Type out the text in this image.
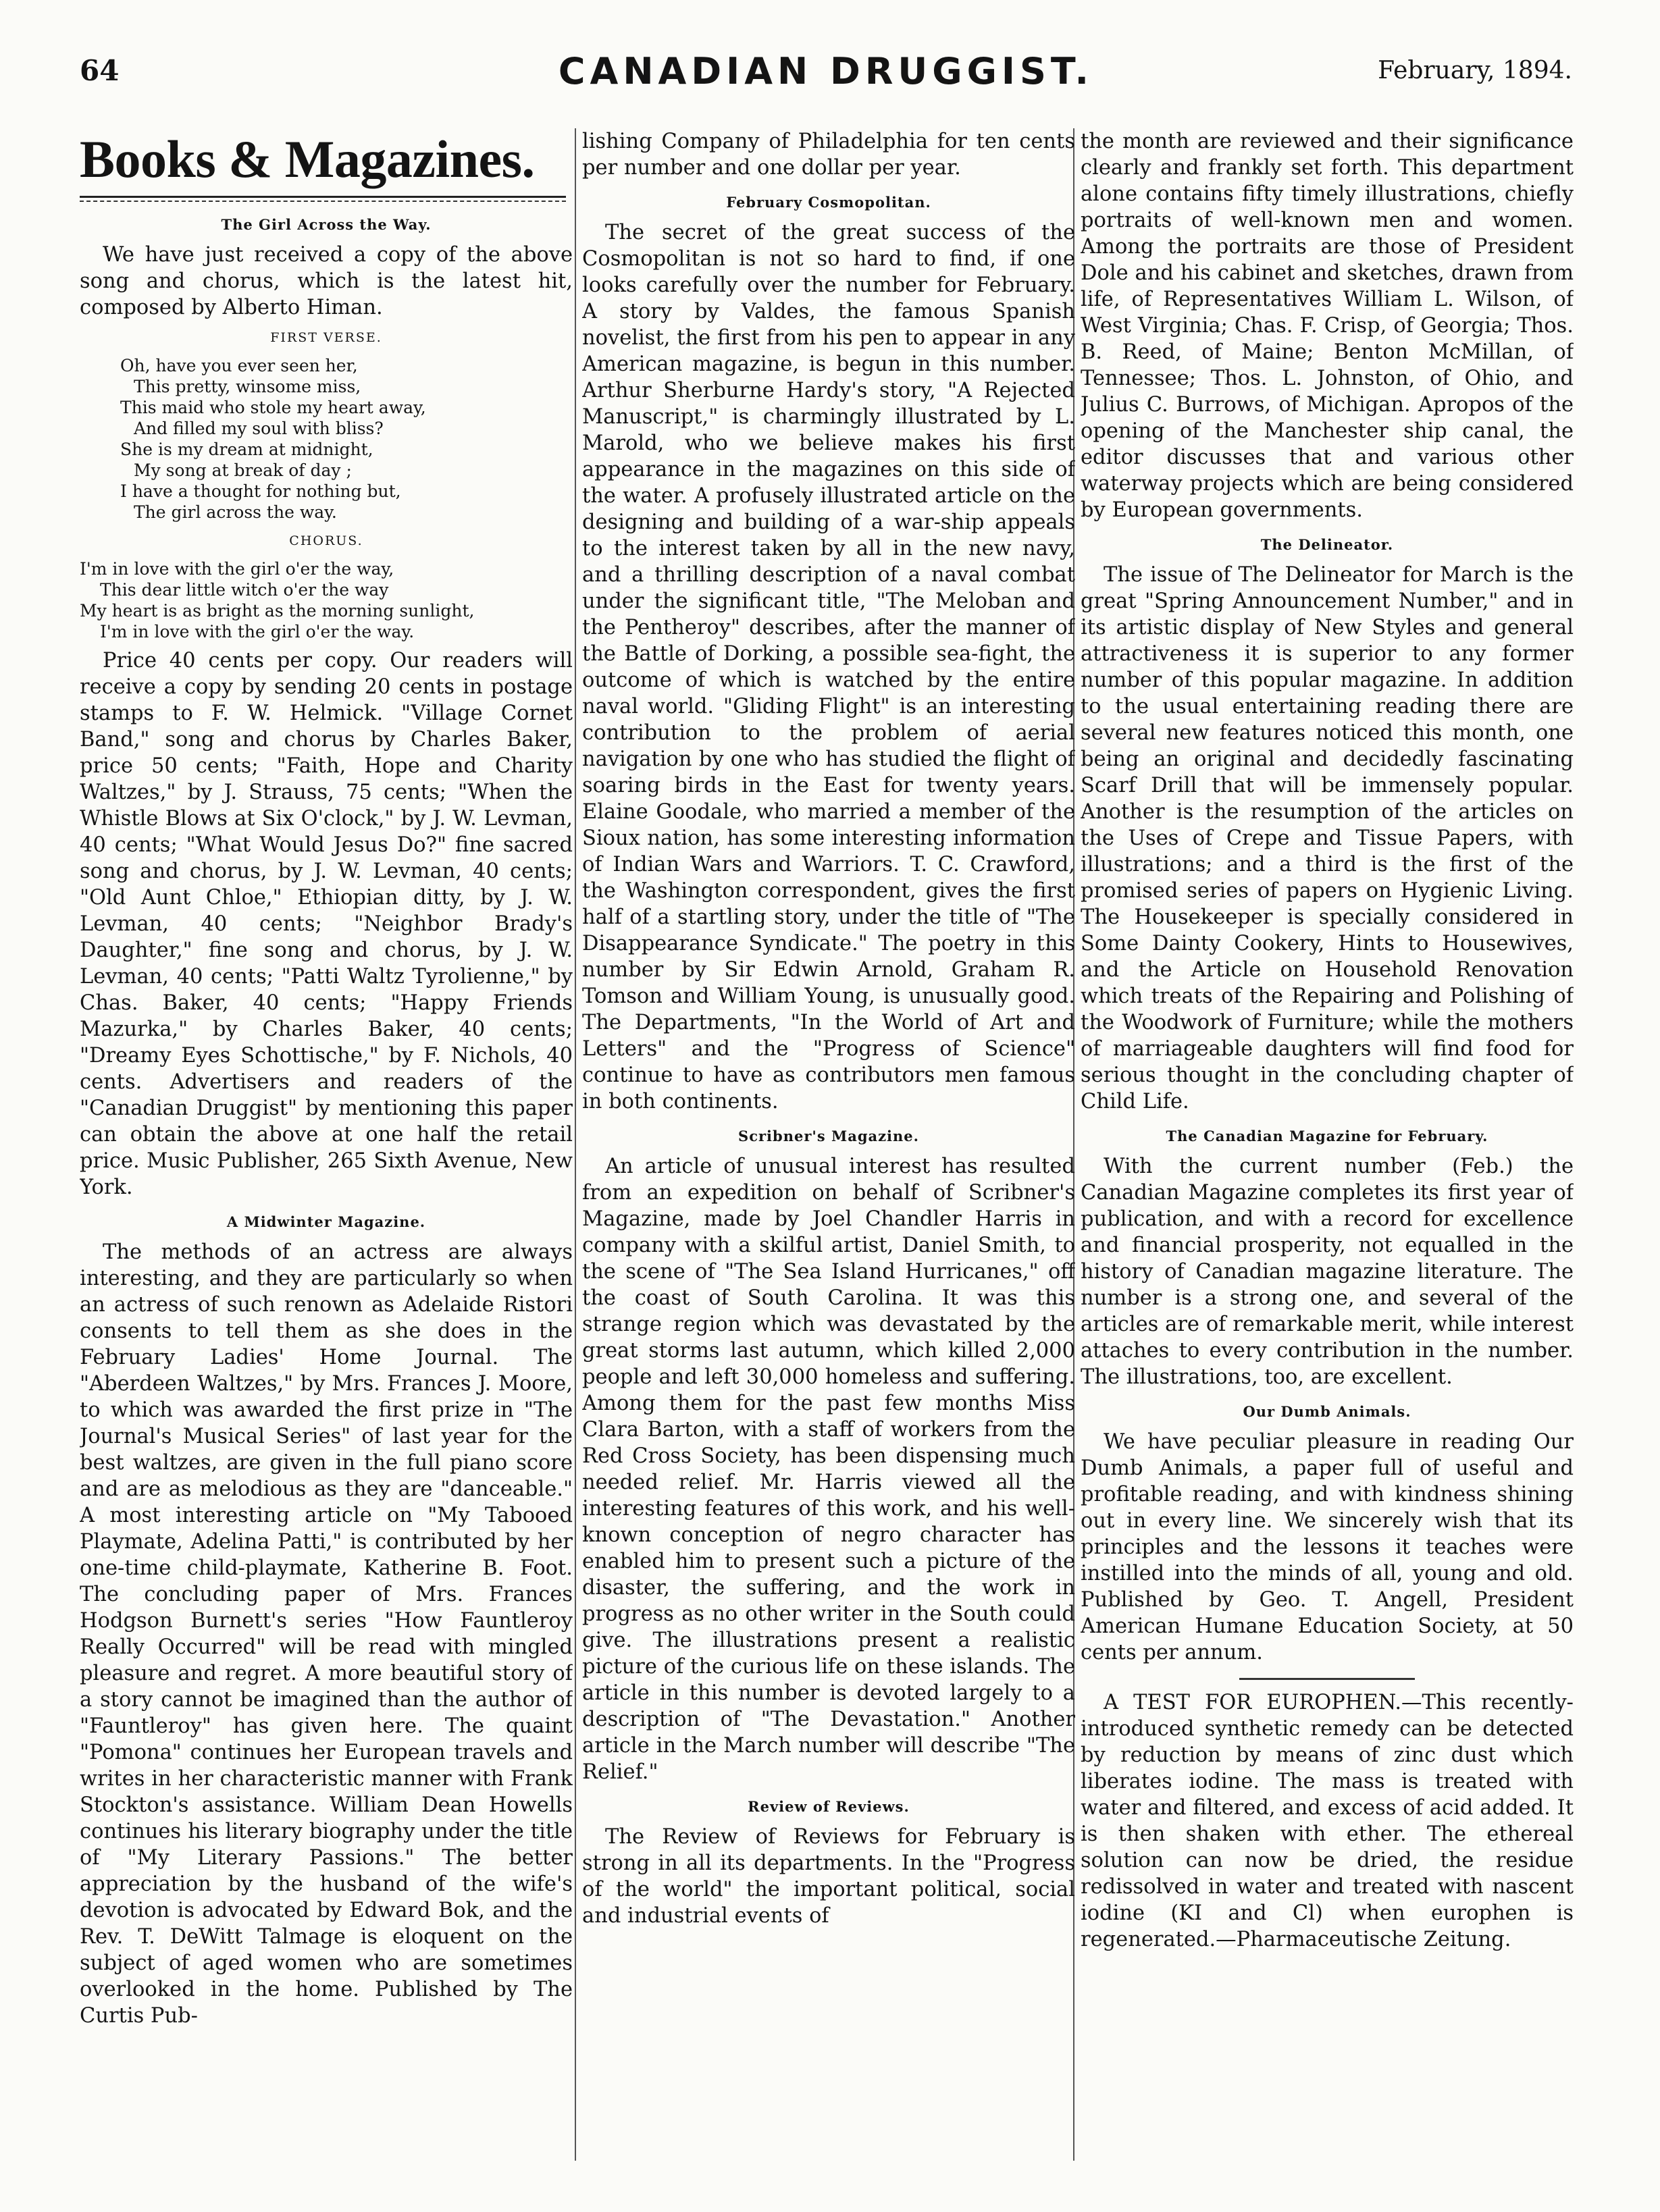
64	CANADIAN DRUGGIST.	February, 1894.
Books & Magazines.
The Girl Across the Way.

We have just received a copy of the above song and chorus, which is the latest hit, composed by Alberto Himan.

FIRST VERSE.
Oh, have you ever seen her,
This pretty, winsome miss,
This maid who stole my heart away,
And filled my soul with bliss?
She is my dream at midnight,
My song at break of day ;
I have a thought for nothing but,
The girl across the way.
CHORUS.
I'm in love with the girl o'er the way,
This dear little witch o'er the way
My heart is as bright as the morning sunlight,
I'm in love with the girl o'er the way.

Price 40 cents per copy. Our readers will receive a copy by sending 20 cents in postage stamps to F. W. Helmick. "Village Cornet Band," song and chorus by Charles Baker, price 50 cents; "Faith, Hope and Charity Waltzes," by J. Strauss, 75 cents; "When the Whistle Blows at Six O'clock," by J. W. Levman, 40 cents; "What Would Jesus Do?" fine sacred song and chorus, by J. W. Levman, 40 cents; "Old Aunt Chloe," Ethiopian ditty, by J. W. Levman, 40 cents; "Neighbor Brady's Daughter," fine song and chorus, by J. W. Levman, 40 cents; "Patti Waltz Tyrolienne," by Chas. Baker, 40 cents; "Happy Friends Mazurka," by Charles Baker, 40 cents; "Dreamy Eyes Schottische," by F. Nichols, 40 cents. Advertisers and readers of the "Canadian Druggist" by mentioning this paper can obtain the above at one half the retail price. Music Publisher, 265 Sixth Avenue, New York.

A Midwinter Magazine.

The methods of an actress are always interesting, and they are particularly so when an actress of such renown as Adelaide Ristori consents to tell them as she does in the February Ladies' Home Journal. The "Aberdeen Waltzes," by Mrs. Frances J. Moore, to which was awarded the first prize in "The Journal's Musical Series" of last year for the best waltzes, are given in the full piano score and are as melodious as they are "danceable." A most interesting article on "My Tabooed Playmate, Adelina Patti," is contributed by her one-time child-playmate, Katherine B. Foot. The concluding paper of Mrs. Frances Hodgson Burnett's series "How Fauntleroy Really Occurred" will be read with mingled pleasure and regret. A more beautiful story of a story cannot be imagined than the author of "Fauntleroy" has given here. The quaint "Pomona" continues her European travels and writes in her characteristic manner with Frank Stockton's assistance. William Dean Howells continues his literary biography under the title of "My Literary Passions." The better appreciation by the husband of the wife's devotion is advocated by Edward Bok, and the Rev. T. DeWitt Talmage is eloquent on the subject of aged women who are sometimes overlooked in the home. Published by The Curtis Pub-

lishing Company of Philadelphia for ten cents per number and one dollar per year.

February Cosmopolitan.

The secret of the great success of the Cosmopolitan is not so hard to find, if one looks carefully over the number for February. A story by Valdes, the famous Spanish novelist, the first from his pen to appear in any American magazine, is begun in this number. Arthur Sherburne Hardy's story, "A Rejected Manuscript," is charmingly illustrated by L. Marold, who we believe makes his first appearance in the magazines on this side of the water. A profusely illustrated article on the designing and building of a war-ship appeals to the interest taken by all in the new navy, and a thrilling description of a naval combat under the significant title, "The Meloban and the Pentheroy" describes, after the manner of the Battle of Dorking, a possible sea-fight, the outcome of which is watched by the entire naval world. "Gliding Flight" is an interesting contribution to the problem of aerial navigation by one who has studied the flight of soaring birds in the East for twenty years. Elaine Goodale, who married a member of the Sioux nation, has some interesting information of Indian Wars and Warriors. T. C. Crawford, the Washington correspondent, gives the first half of a startling story, under the title of "The Disappearance Syndicate." The poetry in this number by Sir Edwin Arnold, Graham R. Tomson and William Young, is unusually good. The Departments, "In the World of Art and Letters" and the "Progress of Science" continue to have as contributors men famous in both continents.

Scribner's Magazine.

An article of unusual interest has resulted from an expedition on behalf of Scribner's Magazine, made by Joel Chandler Harris in company with a skilful artist, Daniel Smith, to the scene of "The Sea Island Hurricanes," off the coast of South Carolina. It was this strange region which was devastated by the great storms last autumn, which killed 2,000 people and left 30,000 homeless and suffering. Among them for the past few months Miss Clara Barton, with a staff of workers from the Red Cross Society, has been dispensing much needed relief. Mr. Harris viewed all the interesting features of this work, and his well-known conception of negro character has enabled him to present such a picture of the disaster, the suffering, and the work in progress as no other writer in the South could give. The illustrations present a realistic picture of the curious life on these islands. The article in this number is devoted largely to a description of "The Devastation." Another article in the March number will describe "The Relief."

Review of Reviews.

The Review of Reviews for February is strong in all its departments. In the "Progress of the world" the important political, social and industrial events of

the month are reviewed and their significance clearly and frankly set forth. This department alone contains fifty timely illustrations, chiefly portraits of well-known men and women. Among the portraits are those of President Dole and his cabinet and sketches, drawn from life, of Representatives William L. Wilson, of West Virginia; Chas. F. Crisp, of Georgia; Thos. B. Reed, of Maine; Benton McMillan, of Tennessee; Thos. L. Johnston, of Ohio, and Julius C. Burrows, of Michigan. Apropos of the opening of the Manchester ship canal, the editor discusses that and various other waterway projects which are being considered by European governments.

The Delineator.

The issue of The Delineator for March is the great "Spring Announcement Number," and in its artistic display of New Styles and general attractiveness it is superior to any former number of this popular magazine. In addition to the usual entertaining reading there are several new features noticed this month, one being an original and decidedly fascinating Scarf Drill that will be immensely popular. Another is the resumption of the articles on the Uses of Crepe and Tissue Papers, with illustrations; and a third is the first of the promised series of papers on Hygienic Living. The Housekeeper is specially considered in Some Dainty Cookery, Hints to Housewives, and the Article on Household Renovation which treats of the Repairing and Polishing of the Woodwork of Furniture; while the mothers of marriageable daughters will find food for serious thought in the concluding chapter of Child Life.

The Canadian Magazine for February.

With the current number (Feb.) the Canadian Magazine completes its first year of publication, and with a record for excellence and financial prosperity, not equalled in the history of Canadian magazine literature. The number is a strong one, and several of the articles are of remarkable merit, while interest attaches to every contribution in the number. The illustrations, too, are excellent.

Our Dumb Animals.

We have peculiar pleasure in reading Our Dumb Animals, a paper full of useful and profitable reading, and with kindness shining out in every line. We sincerely wish that its principles and the lessons it teaches were instilled into the minds of all, young and old. Published by Geo. T. Angell, President American Humane Education Society, at 50 cents per annum.

A TEST FOR EUROPHEN.—This recently-introduced synthetic remedy can be detected by reduction by means of zinc dust which liberates iodine. The mass is treated with water and filtered, and excess of acid added. It is then shaken with ether. The ethereal solution can now be dried, the residue redissolved in water and treated with nascent iodine (KI and Cl) when europhen is regenerated.—Pharmaceutische Zeitung.
